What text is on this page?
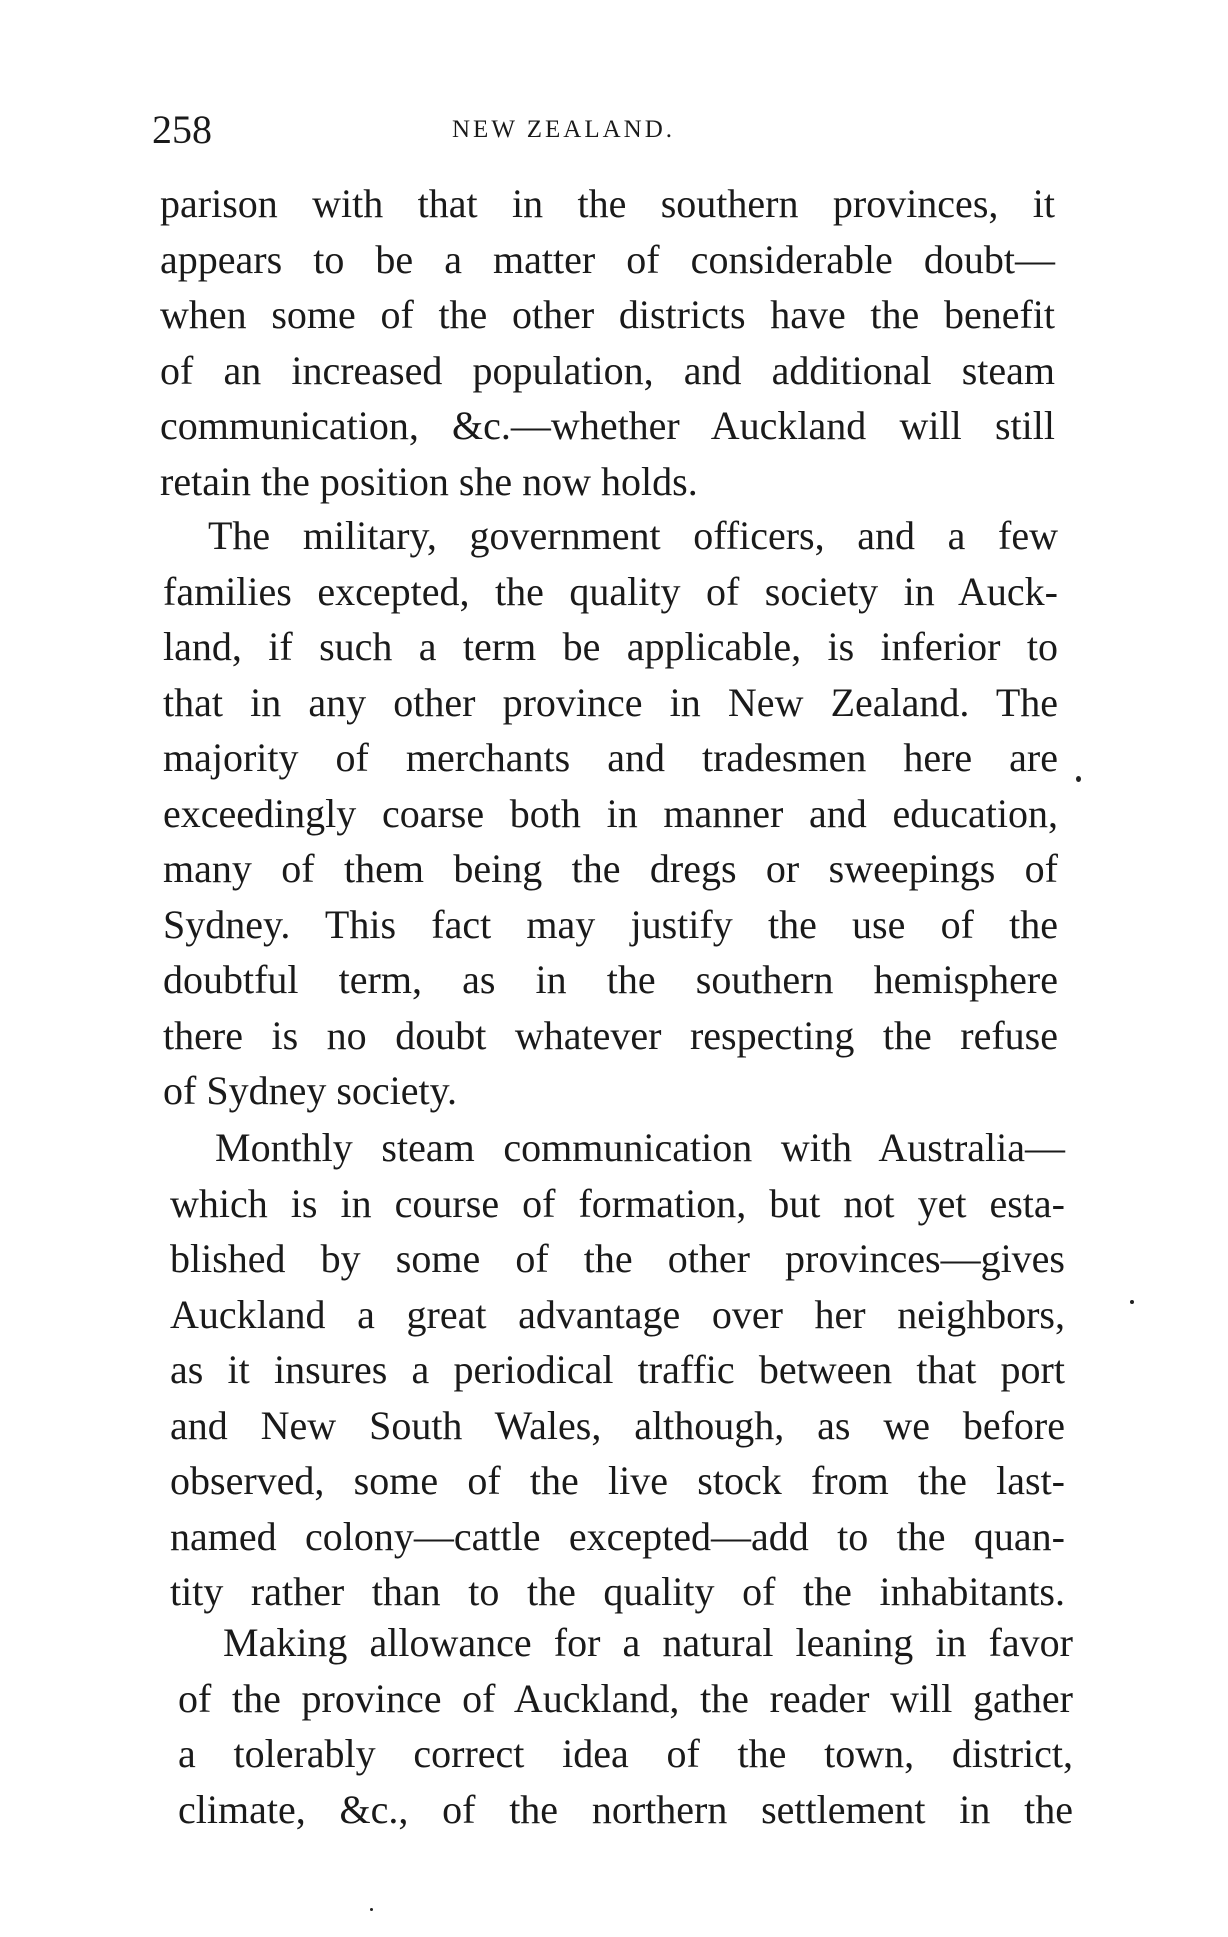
258	NEW ZEALAND.
parison with that in the southern provinces, it
appears to be a matter of considerable doubt—
when some of the other districts have the benefit
of an increased population, and additional steam
communication, &c.—whether Auckland will still
retain the position she now holds.
The military, government officers, and a few
families excepted, the quality of society in Auck-
land, if such a term be applicable, is inferior to
that in any other province in New Zealand. The
majority of merchants and tradesmen here are
exceedingly coarse both in manner and education,
many of them being the dregs or sweepings of
Sydney. This fact may justify the use of the
doubtful term, as in the southern hemisphere
there is no doubt whatever respecting the refuse
of Sydney society.
Monthly steam communication with Australia—
which is in course of formation, but not yet esta-
blished by some of the other provinces—gives
Auckland a great advantage over her neighbors,
as it insures a periodical traffic between that port
and New South Wales, although, as we before
observed, some of the live stock from the last-
named colony—cattle excepted—add to the quan-
tity rather than to the quality of the inhabitants.
Making allowance for a natural leaning in favor
of the province of Auckland, the reader will gather
a tolerably correct idea of the town, district,
climate, &c., of the northern settlement in the
